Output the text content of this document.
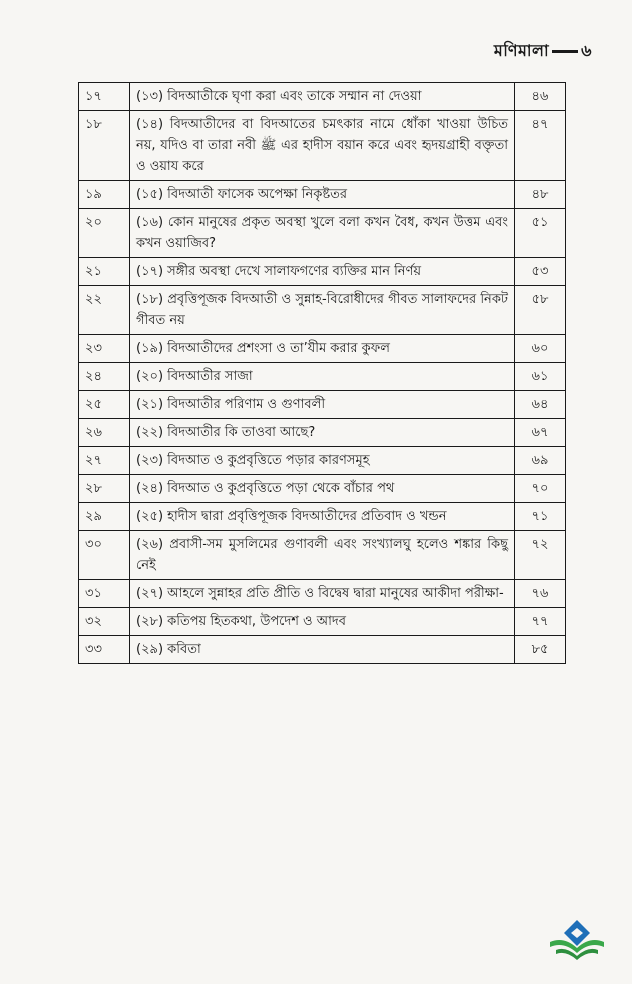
মণিমালা ৬
১৭	(১৩) বিদআতীকে ঘৃণা করা এবং তাকে সম্মান না দেওয়া	৪৬
১৮	(১৪) বিদআতীদের বা বিদআতের চমৎকার নামে ধোঁকা খাওয়া উচিত নয়, যদিও বা তারা নবী ﷺ এর হাদীস বয়ান করে এবং হৃদয়গ্রাহী বক্তৃতা ও ওয়ায করে	৪৭
১৯	(১৫) বিদআতী ফাসেক অপেক্ষা নিকৃষ্টতর	৪৮
২০	(১৬) কোন মানুষের প্রকৃত অবস্থা খুলে বলা কখন বৈধ, কখন উত্তম এবং কখন ওয়াজিব?	৫১
২১	(১৭) সঙ্গীর অবস্থা দেখে সালাফগণের ব্যক্তির মান নির্ণয়	৫৩
২২	(১৮) প্রবৃত্তিপূজক বিদআতী ও সুন্নাহ-বিরোধীদের গীবত সালাফদের নিকট গীবত নয়	৫৮
২৩	(১৯) বিদআতীদের প্রশংসা ও তা’যীম করার কুফল	৬০
২৪	(২০) বিদআতীর সাজা	৬১
২৫	(২১) বিদআতীর পরিণাম ও গুণাবলী	৬৪
২৬	(২২) বিদআতীর কি তাওবা আছে?	৬৭
২৭	(২৩) বিদআত ও কুপ্রবৃত্তিতে পড়ার কারণসমূহ	৬৯
২৮	(২৪) বিদআত ও কুপ্রবৃত্তিতে পড়া থেকে বাঁচার পথ	৭০
২৯	(২৫) হাদীস দ্বারা প্রবৃত্তিপূজক বিদআতীদের প্রতিবাদ ও খন্ডন	৭১
৩০	(২৬) প্রবাসী-সম মুসলিমের গুণাবলী এবং সংখ্যালঘু হলেও শঙ্কার কিছু নেই	৭২
৩১	(২৭) আহলে সুন্নাহর প্রতি প্রীতি ও বিদ্বেষ দ্বারা মানুষের আকীদা পরীক্ষা-	৭৬
৩২	(২৮) কতিপয় হিতকথা, উপদেশ ও আদব	৭৭
৩৩	(২৯) কবিতা	৮৫
